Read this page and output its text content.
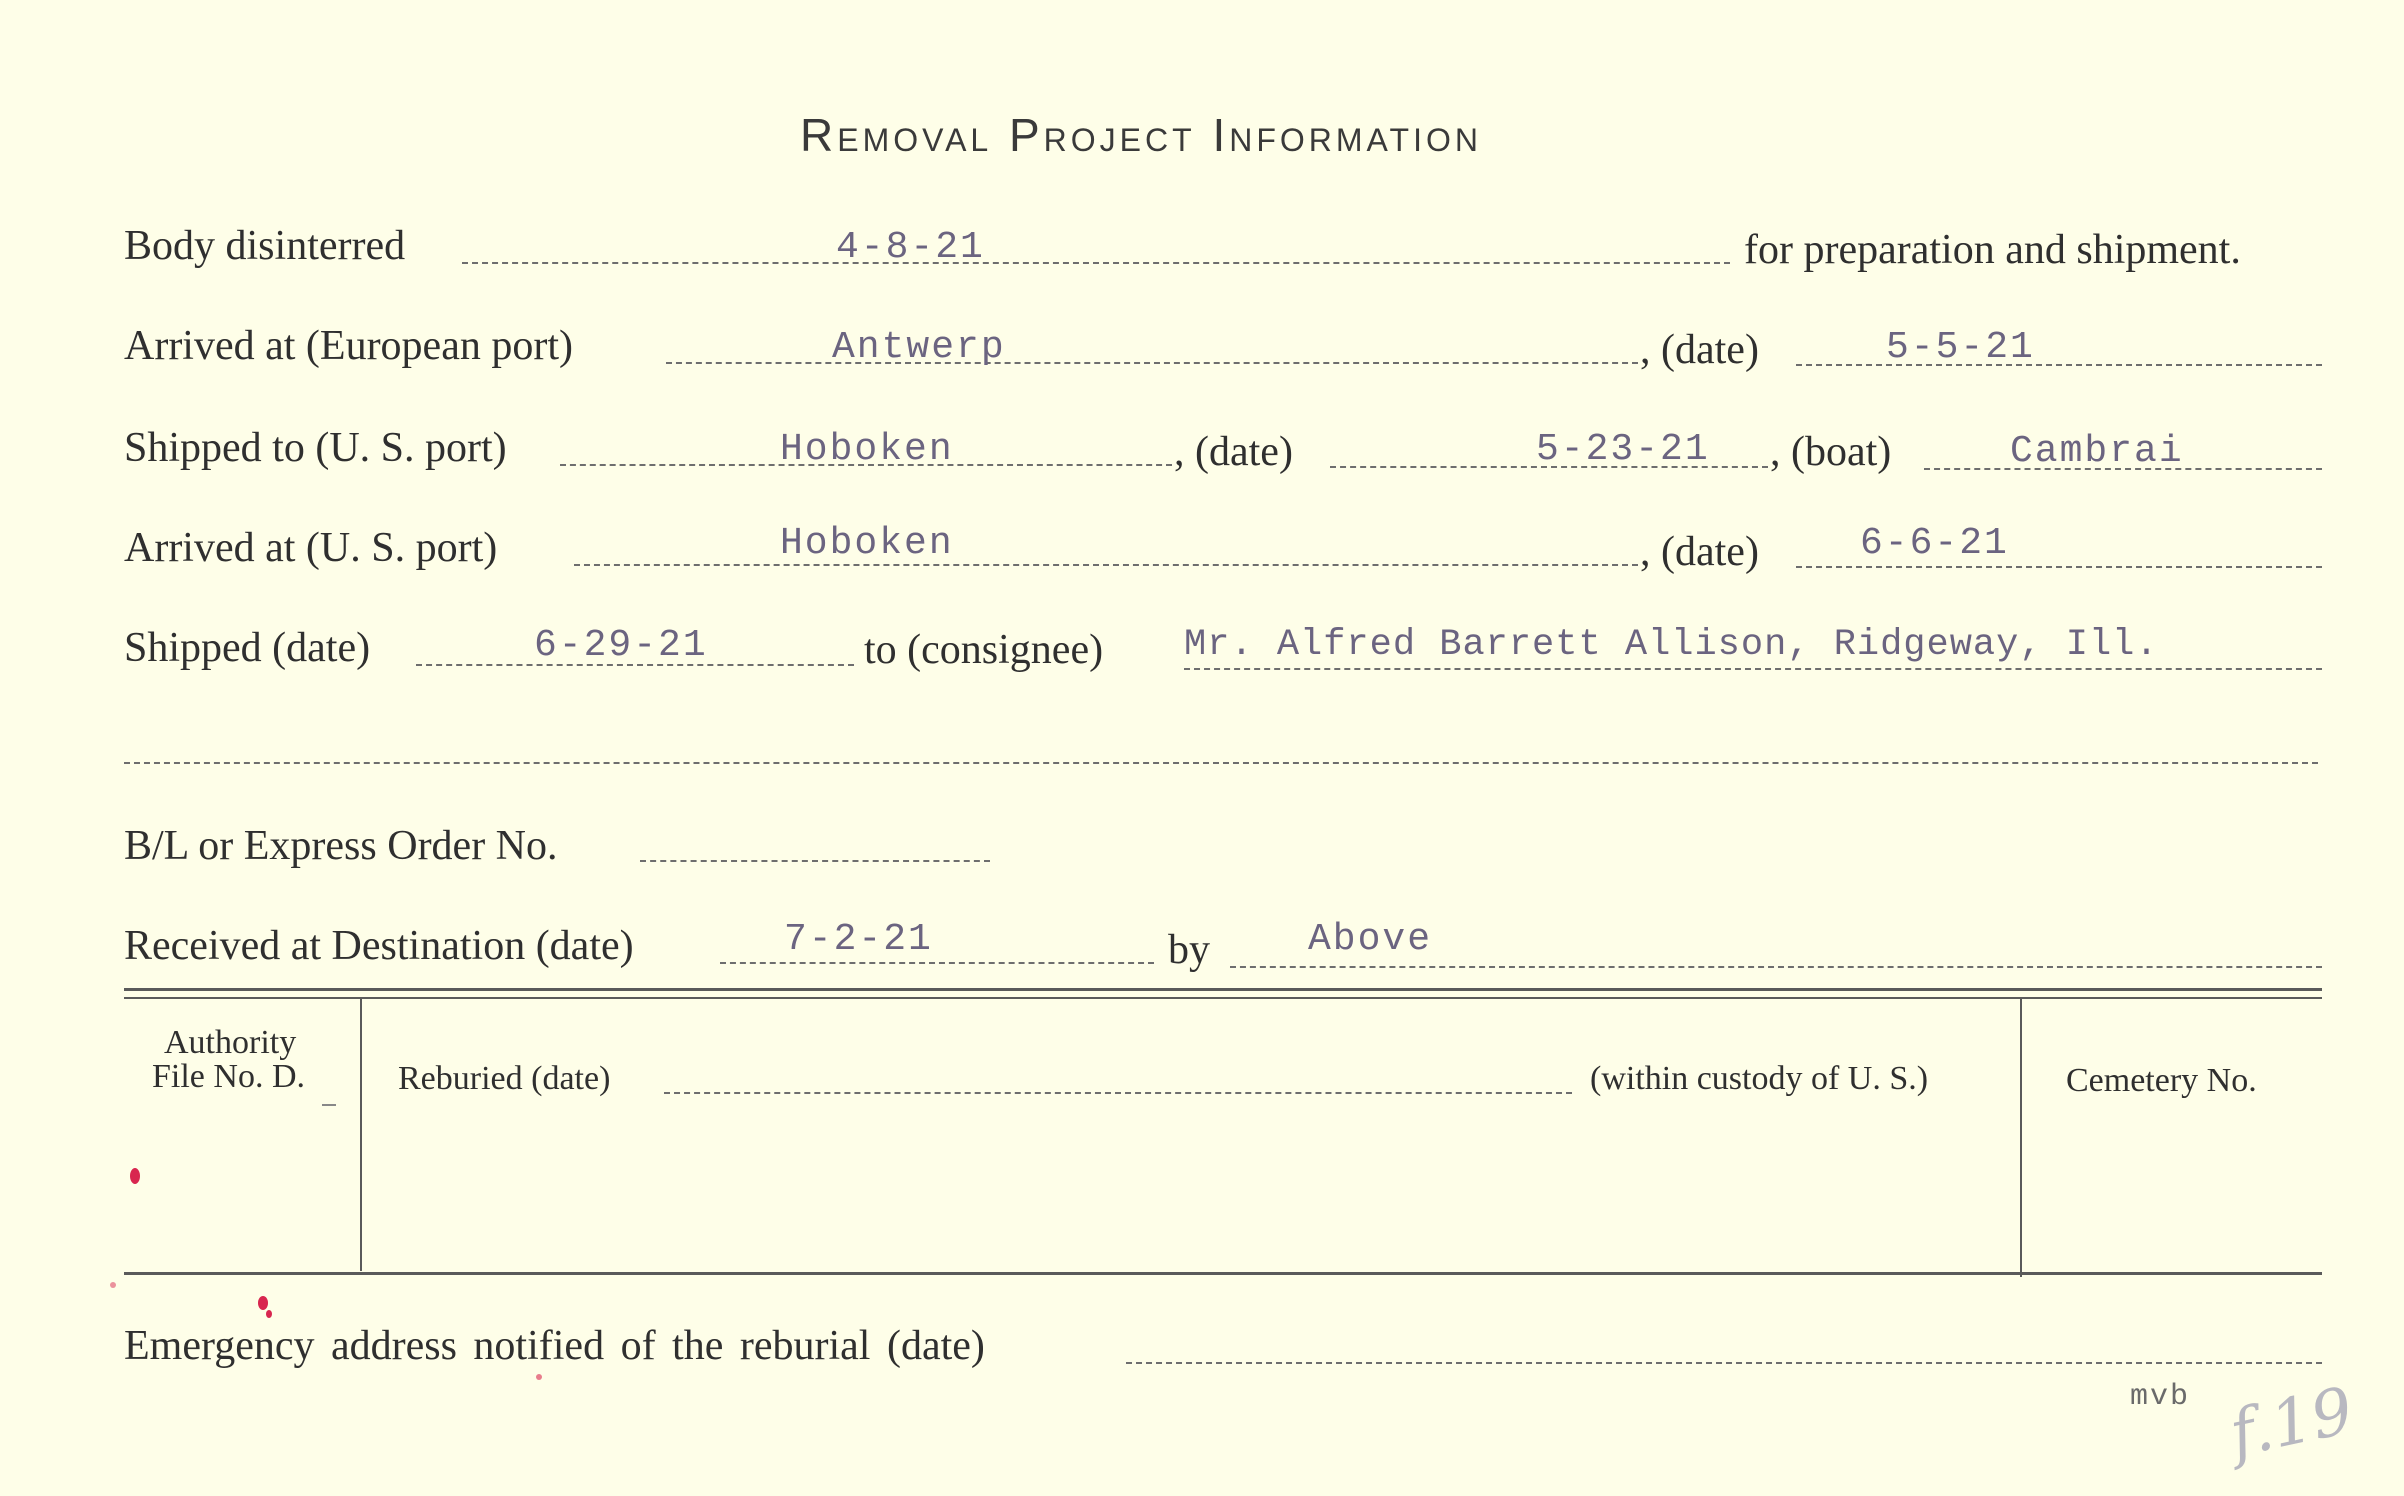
Removal Project Information
Body disinterred	4-8-21	for preparation and shipment.
Arrived at (European port)	Antwerp	, (date)	5-5-21
Shipped to (U. S. port)	Hoboken	, (date)	5-23-21 , (boat)	Cambrai
Arrived at (U. S. port)	Hoboken	, (date)	6-6-21
Shipped (date)	6-29-21	to (consignee) Mr. Alfred Barrett Allison, Ridgeway, Ill.
B/L or Express Order No.
Received at Destination (date)	7-2-21	by	Above
Authority
File No. D.	Reburied (date)	(within custody of U. S.)	Cemetery No.
Emergency address notified of the reburial (date)
mvb f.19
